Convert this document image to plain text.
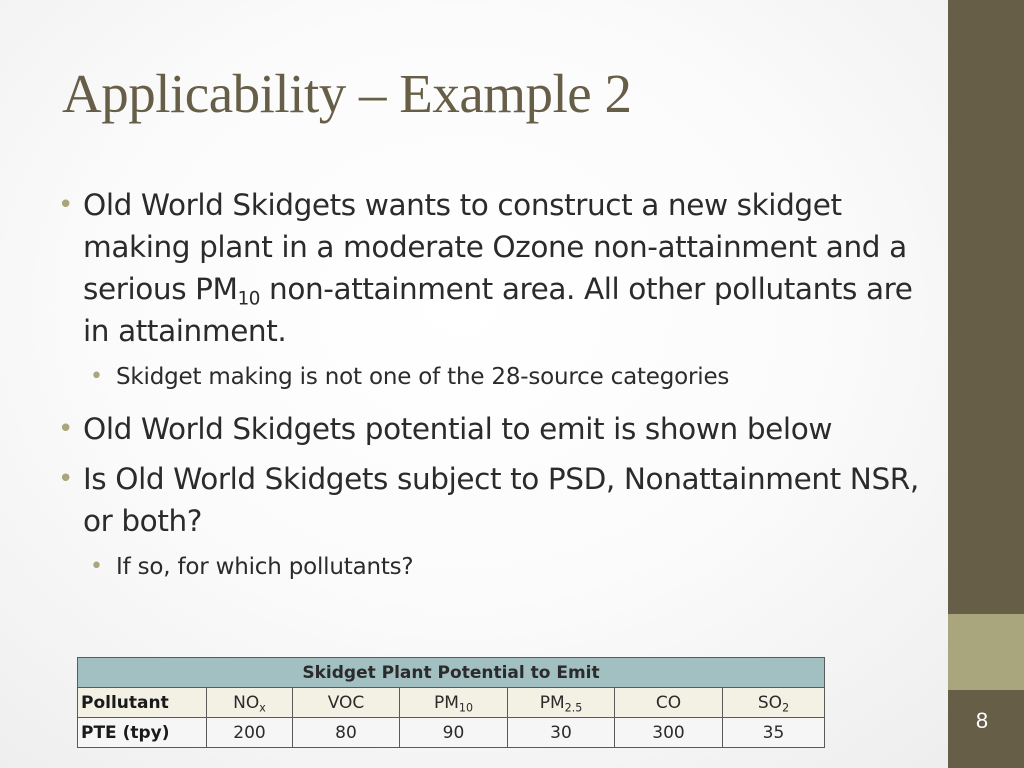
8
Applicability – Example 2
• Old World Skidgets wants to construct a new skidget making plant in a moderate Ozone non-attainment and a serious $PM_{10}$ non-attainment area. All other pollutants are in attainment.
• Skidget making is not one of the 28-source categories
• Old World Skidgets potential to emit is shown below
• Is Old World Skidgets subject to PSD, Nonattainment NSR, or both?
• If so, for which pollutants?
Skidget Plant Potential to Emit						
Pollutant	$NO_x$	VOC	$PM_{10}$	$PM_{2.5}$	CO	$SO_2$
PTE (tpy)	200	80	90	30	300	35
